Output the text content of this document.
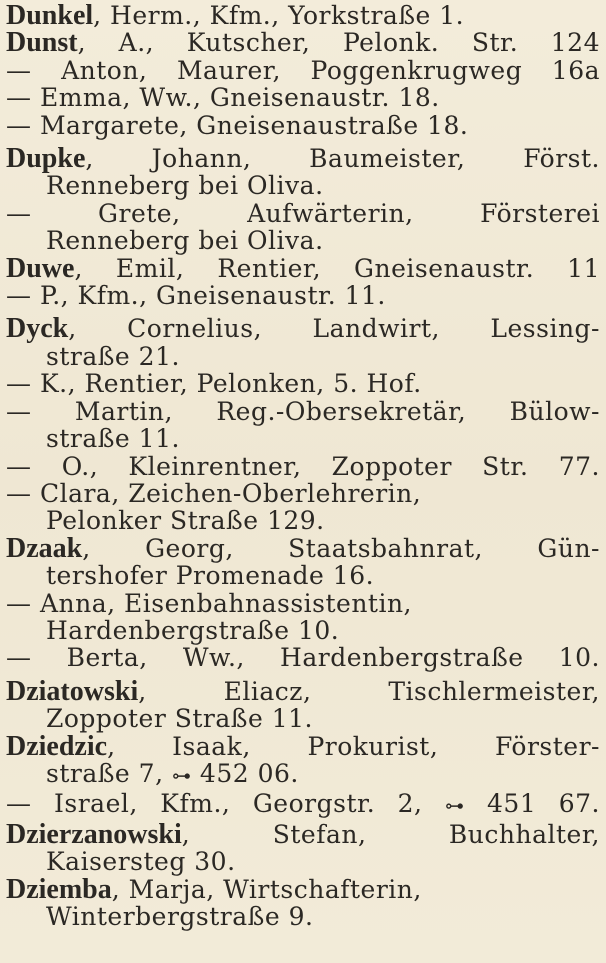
Dunkel, Herm., Kfm., Yorkstraße 1.
Dunst, A., Kutscher, Pelonk. Str. 124
— Anton, Maurer, Poggenkrugweg 16a
— Emma, Ww., Gneisenaustr. 18.
— Margarete, Gneisenaustraße 18.
Dupke, Johann, Baumeister, Först.
Renneberg bei Oliva.
— Grete, Aufwärterin, Försterei
Renneberg bei Oliva.
Duwe, Emil, Rentier, Gneisenaustr. 11
— P., Kfm., Gneisenaustr. 11.
Dyck, Cornelius, Landwirt, Lessing-
straße 21.
— K., Rentier, Pelonken, 5. Hof.
— Martin, Reg.-Obersekretär, Bülow-
straße 11.
— O., Kleinrentner, Zoppoter Str. 77.
— Clara, Zeichen-Oberlehrerin,
Pelonker Straße 129.
Dzaak, Georg, Staatsbahnrat, Gün-
tershofer Promenade 16.
— Anna, Eisenbahnassistentin,
Hardenbergstraße 10.
— Berta, Ww., Hardenbergstraße 10.
Dziatowski, Eliacz, Tischlermeister,
Zoppoter Straße 11.
Dziedzic, Isaak, Prokurist, Förster-
straße 7, ⊶ 452 06.
— Israel, Kfm., Georgstr. 2, ⊶ 451 67.
Dzierzanowski, Stefan, Buchhalter,
Kaisersteg 30.
Dziemba, Marja, Wirtschafterin,
Winterbergstraße 9.
